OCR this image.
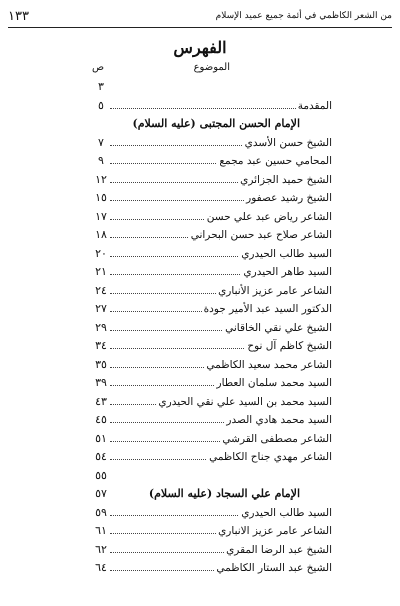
من الشعر الكاظمي في أئمة جميع عميد الإسلام
١٣٣
الفهرس
الموضوع
ص
٣
المقدمة
٥
الإمام الحسن المجتبى (عليه السلام)
الشيخ حسن الأسدي
٧
المحامي حسين عبد مجمع
٩
الشيخ حميد الجزائري
١٢
الشيخ رشيد عصفور
١٥
الشاعر رياض عبد علي حسن
١٧
الشاعر صلاح عبد حسن البحراني
١٨
السيد طالب الحيدري
٢٠
السيد طاهر الحيدري
٢١
الشاعر عامر عزيز الأنباري
٢٤
الدكتور السيد عبد الأمير جودة
٢٧
الشيخ علي نقي الخاقاني
٢٩
الشيخ كاظم آل نوح
٣٤
الشاعر محمد سعيد الكاظمي
٣٥
السيد محمد سلمان العطار
٣٩
السيد محمد بن السيد علي نقي الحيدري
٤٣
السيد محمد هادي الصدر
٤٥
الشاعر مصطفى القرشي
٥١
الشاعر مهدي جناح الكاظمي
٥٤
٥٥
الإمام علي السجاد (عليه السلام)
٥٧
السيد طالب الحيدري
٥٩
الشاعر عامر عزيز الانباري
٦١
الشيخ عبد الرضا المقري
٦٢
الشيخ عبد الستار الكاظمي
٦٤
